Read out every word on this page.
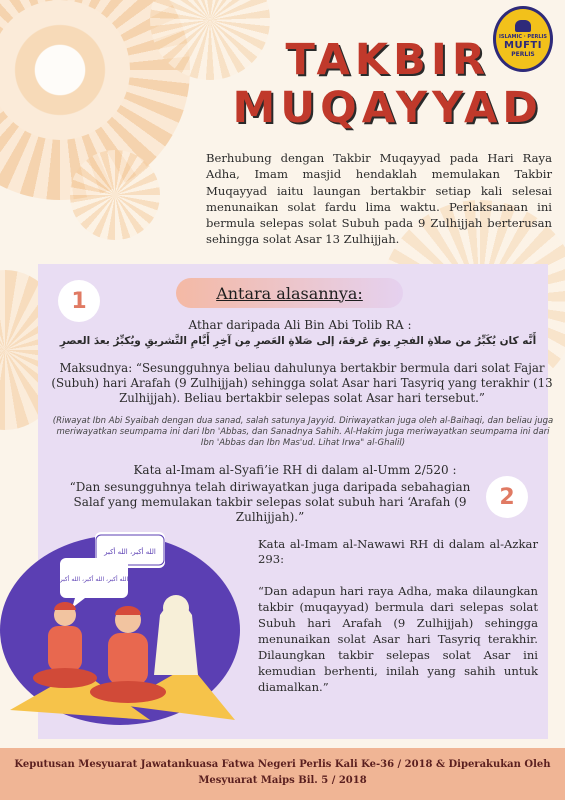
ISLAMIC · PERLIS
MUFTI
PERLIS
TAKBIR
MUQAYYAD

Berhubung dengan Takbir Muqayyad pada Hari Raya Adha, Imam masjid hendaklah memulakan Takbir Muqayyad iaitu laungan bertakbir setiap kali selesai menunaikan solat fardu lima waktu. Perlaksanaan ini bermula selepas solat Subuh pada 9 Zulhijjah berterusan sehingga solat Asar 13 Zulhijjah.

1	Antara alasannya:
Athar daripada Ali Bin Abi Tolib RA :
أَنَّه كان يُكَبِّرُ من صلاةِ الفجرِ يومَ عَرفةَ، إلى صَلاةِ العَصرِ مِن آخِرِ أَيَّامِ التَّشريقِ ويُكبِّرُ بعدَ العصرِ
Maksudnya: “Sesungguhnya beliau dahulunya bertakbir bermula dari solat Fajar (Subuh) hari Arafah (9 Zulhijjah) sehingga solat Asar hari Tasyriq yang terakhir (13 Zulhijjah). Beliau bertakbir selepas solat Asar hari tersebut.”
(Riwayat Ibn Abi Syaibah dengan dua sanad, salah satunya Jayyid. Diriwayatkan juga oleh al-Baihaqi, dan beliau juga meriwayatkan seumpama ini dari Ibn 'Abbas, dan Sanadnya Sahih. Al-Hakim juga meriwayatkan seumpama ini dari Ibn 'Abbas dan Ibn Mas'ud. Lihat Irwa" al-Ghalil)
Kata al-Imam al-Syafi’ie RH di dalam al-Umm 2/520 :
“Dan sesungguhnya telah diriwayatkan juga daripada sebahagian Salaf yang memulakan takbir selepas solat subuh hari ‘Arafah (9 Zulhijjah).”
2
Kata al-Imam al-Nawawi RH di dalam al-Azkar 293:
“Dan adapun hari raya Adha, maka dilaungkan takbir (muqayyad) bermula dari selepas solat Subuh hari Arafah (9 Zulhijjah) sehingga menunaikan solat Asar hari Tasyriq terakhir. Dilaungkan takbir selepas solat Asar ini kemudian berhenti, inilah yang sahih untuk diamalkan.”
الله أكبر، الله أكبر
الله أكبر، الله أكبر، الله أكبر
Keputusan Mesyuarat Jawatankuasa Fatwa Negeri Perlis Kali Ke-36 / 2018 & Diperakukan Oleh
Mesyuarat Maips Bil. 5 / 2018
